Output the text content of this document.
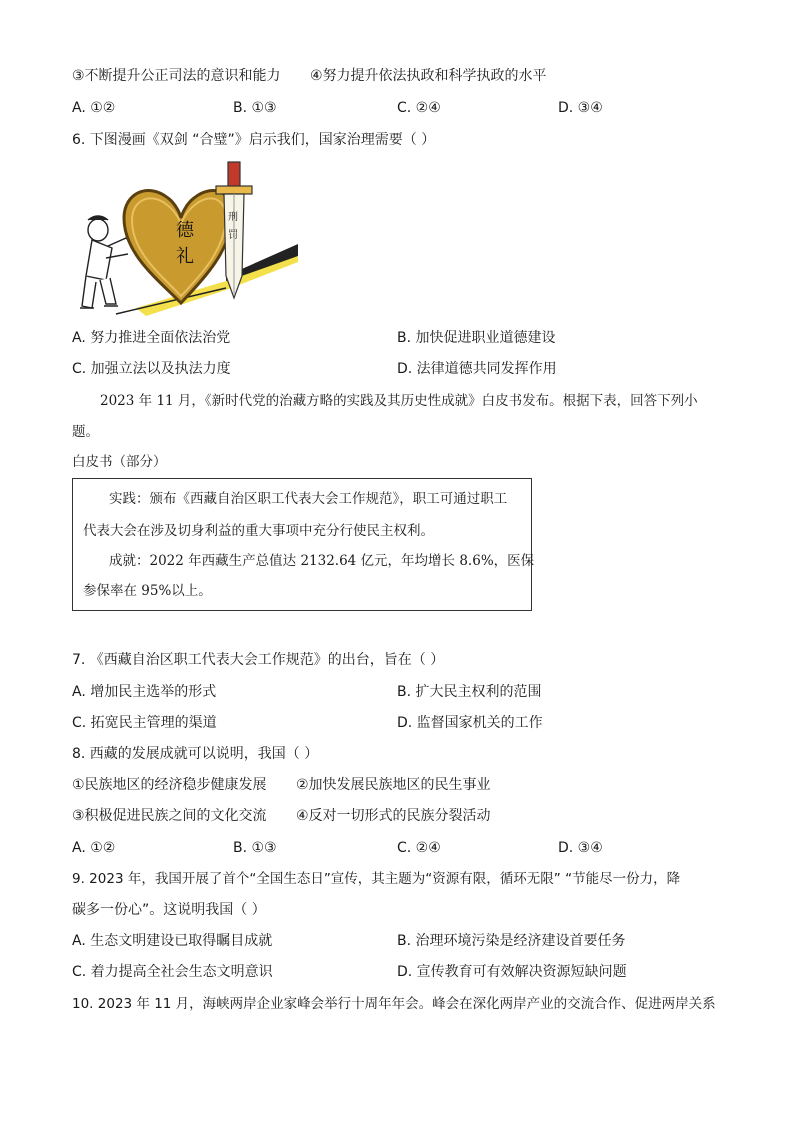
③不断提升公正司法的意识和能力 ④努力提升依法执政和科学执政的水平
A. ①②	B. ①③	C. ②④	D. ③④
6. 下图漫画《双剑 “合璧”》启示我们，国家治理需要（ ）
德
礼
刑
罚
A. 努力推进全面依法治党	B. 加快促进职业道德建设
C. 加强立法以及执法力度	D. 法律道德共同发挥作用
2023 年 11 月，《新时代党的治藏方略的实践及其历史性成就》白皮书发布。根据下表，回答下列小
题。
白皮书（部分）
实践：颁布《西藏自治区职工代表大会工作规范》，职工可通过职工
代表大会在涉及切身利益的重大事项中充分行使民主权利。
成就：2022 年西藏生产总值达 2132.64 亿元，年均增长 8.6%，医保
参保率在 95%以上。
7. 《西藏自治区职工代表大会工作规范》的出台，旨在（ ）
A. 增加民主选举的形式	B. 扩大民主权利的范围
C. 拓宽民主管理的渠道	D. 监督国家机关的工作
8. 西藏的发展成就可以说明，我国（ ）
①民族地区的经济稳步健康发展 ②加快发展民族地区的民生事业
③积极促进民族之间的文化交流 ④反对一切形式的民族分裂活动
A. ①②	B. ①③	C. ②④	D. ③④
9. 2023 年，我国开展了首个“全国生态日”宣传，其主题为“资源有限，循环无限” “节能尽一份力，降
碳多一份心”。这说明我国（ ）
A. 生态文明建设已取得瞩目成就	B. 治理环境污染是经济建设首要任务
C. 着力提高全社会生态文明意识	D. 宣传教育可有效解决资源短缺问题
10. 2023 年 11 月，海峡两岸企业家峰会举行十周年年会。峰会在深化两岸产业的交流合作、促进两岸关系
